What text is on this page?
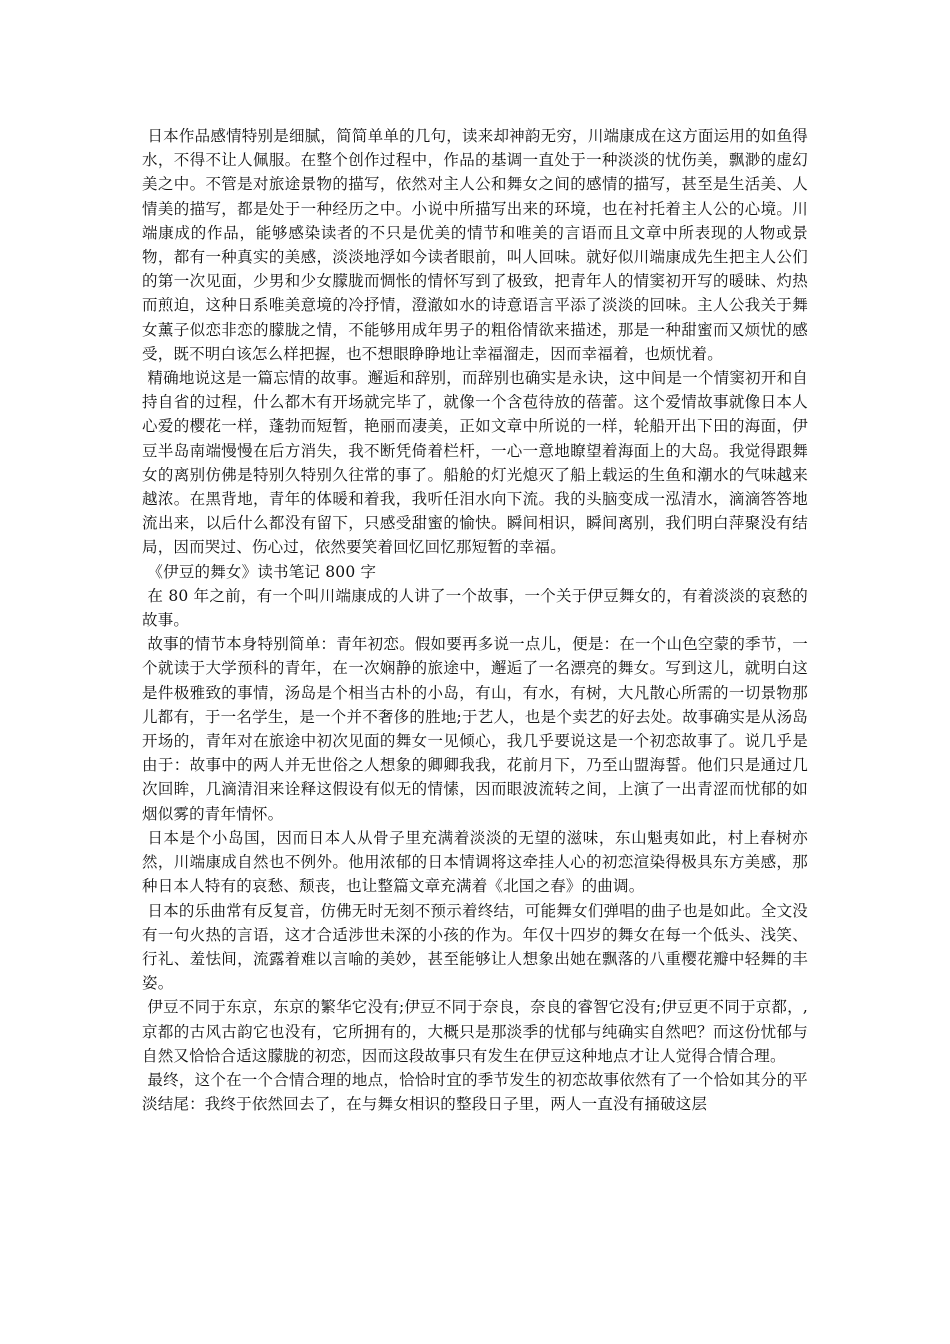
日本作品感情特别是细腻，简简单单的几句，读来却神韵无穷，川端康成在这方面运用的如鱼得水，不得不让人佩服。在整个创作过程中，作品的基调一直处于一种淡淡的忧伤美，飘渺的虚幻美之中。不管是对旅途景物的描写，依然对主人公和舞女之间的感情的描写，甚至是生活美、人情美的描写，都是处于一种经历之中。小说中所描写出来的环境，也在衬托着主人公的心境。川端康成的作品，能够感染读者的不只是优美的情节和唯美的言语而且文章中所表现的人物或景物，都有一种真实的美感，淡淡地浮如今读者眼前，叫人回味。就好似川端康成先生把主人公们的第一次见面，少男和少女朦胧而惆怅的情怀写到了极致，把青年人的情窦初开写的暖昧、灼热而煎迫，这种日系唯美意境的冷抒情，澄澈如水的诗意语言平添了淡淡的回味。主人公我关于舞女薰子似恋非恋的朦胧之情，不能够用成年男子的粗俗情欲来描述，那是一种甜蜜而又烦忧的感受，既不明白该怎么样把握，也不想眼睁睁地让幸福溜走，因而幸福着，也烦忧着。

精确地说这是一篇忘情的故事。邂逅和辞别，而辞别也确实是永诀，这中间是一个情窦初开和自持自省的过程，什么都木有开场就完毕了，就像一个含苞待放的蓓蕾。这个爱情故事就像日本人心爱的樱花一样，蓬勃而短暂，艳丽而凄美，正如文章中所说的一样，轮船开出下田的海面，伊豆半岛南端慢慢在后方消失，我不断凭倚着栏杆，一心一意地瞭望着海面上的大岛。我觉得跟舞女的离别仿佛是特别久特别久往常的事了。船舱的灯光熄灭了船上载运的生鱼和潮水的气味越来越浓。在黑背地，青年的体暖和着我，我听任泪水向下流。我的头脑变成一泓清水，滴滴答答地流出来，以后什么都没有留下，只感受甜蜜的愉快。瞬间相识，瞬间离别，我们明白萍聚没有结局，因而哭过、伤心过，依然要笑着回忆回忆那短暂的幸福。

《伊豆的舞女》读书笔记 800 字

在 80 年之前，有一个叫川端康成的人讲了一个故事，一个关于伊豆舞女的，有着淡淡的哀愁的故事。

故事的情节本身特别简单：青年初恋。假如要再多说一点儿，便是：在一个山色空蒙的季节，一个就读于大学预科的青年，在一次娴静的旅途中，邂逅了一名漂亮的舞女。写到这儿，就明白这是件极雅致的事情，汤岛是个相当古朴的小岛，有山，有水，有树，大凡散心所需的一切景物那儿都有，于一名学生，是一个并不奢侈的胜地;于艺人，也是个卖艺的好去处。故事确实是从汤岛开场的，青年对在旅途中初次见面的舞女一见倾心，我几乎要说这是一个初恋故事了。说几乎是由于：故事中的两人并无世俗之人想象的卿卿我我，花前月下，乃至山盟海誓。他们只是通过几次回眸，几滴清泪来诠释这假设有似无的情愫，因而眼波流转之间，上演了一出青涩而忧郁的如烟似雾的青年情怀。

日本是个小岛国，因而日本人从骨子里充满着淡淡的无望的滋味，东山魁夷如此，村上春树亦然，川端康成自然也不例外。他用浓郁的日本情调将这牵挂人心的初恋渲染得极具东方美感，那种日本人特有的哀愁、颓丧，也让整篇文章充满着《北国之春》的曲调。

日本的乐曲常有反复音，仿佛无时无刻不预示着终结，可能舞女们弹唱的曲子也是如此。全文没有一句火热的言语，这才合适涉世未深的小孩的作为。年仅十四岁的舞女在每一个低头、浅笑、行礼、羞怯间，流露着难以言喻的美妙，甚至能够让人想象出她在飘落的八重樱花瓣中轻舞的丰姿。

伊豆不同于东京，东京的繁华它没有;伊豆不同于奈良，奈良的睿智它没有;伊豆更不同于京都，,京都的古风古韵它也没有，它所拥有的，大概只是那淡季的忧郁与纯确实自然吧？而这份忧郁与自然又恰恰合适这朦胧的初恋，因而这段故事只有发生在伊豆这种地点才让人觉得合情合理。

最终，这个在一个合情合理的地点，恰恰时宜的季节发生的初恋故事依然有了一个恰如其分的平淡结尾：我终于依然回去了，在与舞女相识的整段日子里，两人一直没有捅破这层
